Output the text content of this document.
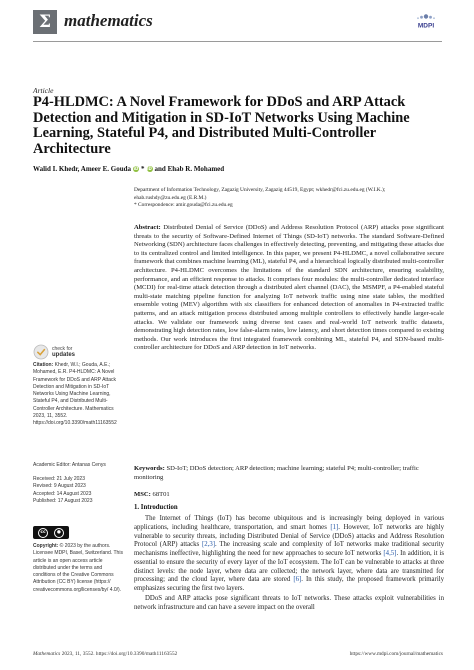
Σ mathematics	MDPI
Article
P4-HLDMC: A Novel Framework for DDoS and ARP Attack Detection and Mitigation in SD-IoT Networks Using Machine Learning, Stateful P4, and Distributed Multi-Controller Architecture
Walid I. Khedr, Ameer E. Gouda iD * iD and Ehab R. Mohamed
Department of Information Technology, Zagazig University, Zagazig 44519, Egypt; wkhedr@fci.zu.edu.eg (W.I.K.);
ehab.rushdy@zu.edu.eg (E.R.M.)
* Correspondence: amir.gouda@fci.zu.edu.eg
Abstract: Distributed Denial of Service (DDoS) and Address Resolution Protocol (ARP) attacks pose significant threats to the security of Software-Defined Internet of Things (SD-IoT) networks. The standard Software-Defined Networking (SDN) architecture faces challenges in effectively detecting, preventing, and mitigating these attacks due to its centralized control and limited intelligence. In this paper, we present P4-HLDMC, a novel collaborative secure framework that combines machine learning (ML), stateful P4, and a hierarchical logically distributed multi-controller architecture. P4-HLDMC overcomes the limitations of the standard SDN architecture, ensuring scalability, performance, and an efficient response to attacks. It comprises four modules: the multi-controller dedicated interface (MCDI) for real-time attack detection through a distributed alert channel (DAC), the MSMPF, a P4-enabled stateful multi-state matching pipeline function for analyzing IoT network traffic using nine state tables, the modified ensemble voting (MEV) algorithm with six classifiers for enhanced detection of anomalies in P4-extracted traffic patterns, and an attack mitigation process distributed among multiple controllers to effectively handle larger-scale attacks. We validate our framework using diverse test cases and real-world IoT network traffic datasets, demonstrating high detection rates, low false-alarm rates, low latency, and short detection times compared to existing methods. Our work introduces the first integrated framework combining ML, stateful P4, and SDN-based multi-controller architecture for DDoS and ARP detection in IoT networks.
Keywords: SD-IoT; DDoS detection; ARP detection; machine learning; stateful P4; multi-controller; traffic monitoring
MSC: 68T01
check for
updates
Citation: Khedr, W.I.; Gouda, A.E.; Mohamed, E.R. P4-HLDMC: A Novel Framework for DDoS and ARP Attack Detection and Mitigation in SD-IoT Networks Using Machine Learning, Stateful P4, and Distributed Multi-Controller Architecture. Mathematics 2023, 11, 3552. https://doi.org/10.3390/math11163552
Academic Editor: Antanas Cenys
Received: 21 July 2023
Revised: 9 August 2023
Accepted: 14 August 2023
Published: 17 August 2023
cc	●
Copyright: © 2023 by the authors. Licensee MDPI, Basel, Switzerland. This article is an open access article distributed under the terms and conditions of the Creative Commons Attribution (CC BY) license (https:// creativecommons.org/licenses/by/ 4.0/).
1. Introduction

The Internet of Things (IoT) has become ubiquitous and is increasingly being deployed in various applications, including healthcare, transportation, and smart homes [1]. However, IoT networks are highly vulnerable to security threats, including Distributed Denial of Service (DDoS) attacks and Address Resolution Protocol (ARP) attacks [2,3]. The increasing scale and complexity of IoT networks make traditional security mechanisms ineffective, highlighting the need for new approaches to secure IoT networks [4,5]. In addition, it is essential to ensure the security of every layer of the IoT ecosystem. The IoT can be vulnerable to attacks at three distinct levels: the node layer, where data are collected; the network layer, where data are transmitted for processing; and the cloud layer, where data are stored [6]. In this study, the proposed framework primarily emphasizes securing the first two layers.

DDoS and ARP attacks pose significant threats to IoT networks. These attacks exploit vulnerabilities in network infrastructure and can have a severe impact on the overall

Mathematics 2023, 11, 3552. https://doi.org/10.3390/math11163552	https://www.mdpi.com/journal/mathematics
